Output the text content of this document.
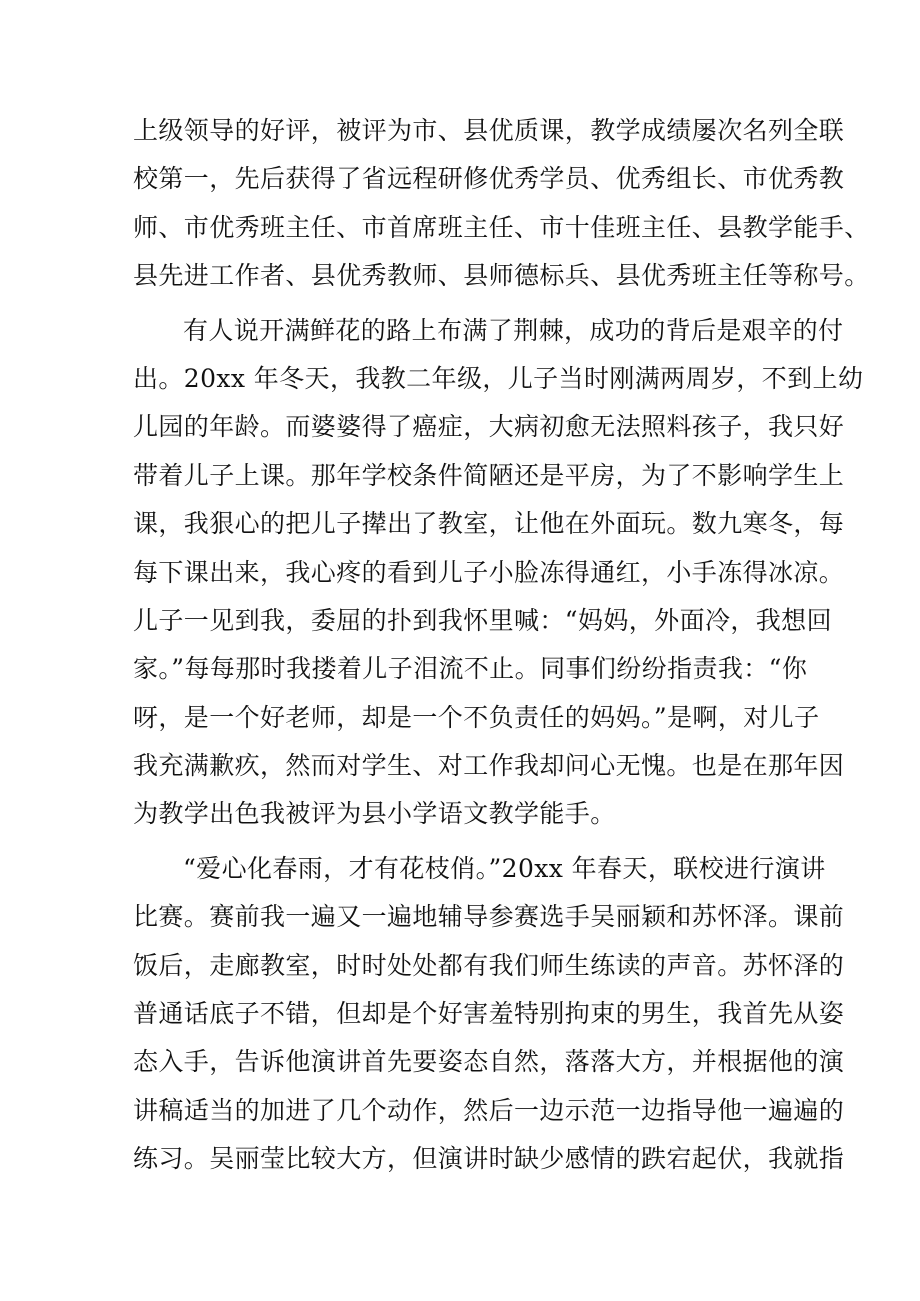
上级领导的好评，被评为市、县优质课，教学成绩屡次名列全联
校第一，先后获得了省远程研修优秀学员、优秀组长、市优秀教
师、市优秀班主任、市首席班主任、市十佳班主任、县教学能手、
县先进工作者、县优秀教师、县师德标兵、县优秀班主任等称号。
有人说开满鲜花的路上布满了荆棘，成功的背后是艰辛的付
出。20xx 年冬天，我教二年级，儿子当时刚满两周岁，不到上幼
儿园的年龄。而婆婆得了癌症，大病初愈无法照料孩子，我只好
带着儿子上课。那年学校条件简陋还是平房，为了不影响学生上
课，我狠心的把儿子撵出了教室，让他在外面玩。数九寒冬，每
每下课出来，我心疼的看到儿子小脸冻得通红，小手冻得冰凉。
儿子一见到我，委屈的扑到我怀里喊：“妈妈，外面冷，我想回
家。”每每那时我搂着儿子泪流不止。同事们纷纷指责我：“你
呀，是一个好老师，却是一个不负责任的妈妈。”是啊，对儿子
我充满歉疚，然而对学生、对工作我却问心无愧。也是在那年因
为教学出色我被评为县小学语文教学能手。
“爱心化春雨，才有花枝俏。”20xx 年春天，联校进行演讲
比赛。赛前我一遍又一遍地辅导参赛选手吴丽颖和苏怀泽。课前
饭后，走廊教室，时时处处都有我们师生练读的声音。苏怀泽的
普通话底子不错，但却是个好害羞特别拘束的男生，我首先从姿
态入手，告诉他演讲首先要姿态自然，落落大方，并根据他的演
讲稿适当的加进了几个动作，然后一边示范一边指导他一遍遍的
练习。吴丽莹比较大方，但演讲时缺少感情的跌宕起伏，我就指
